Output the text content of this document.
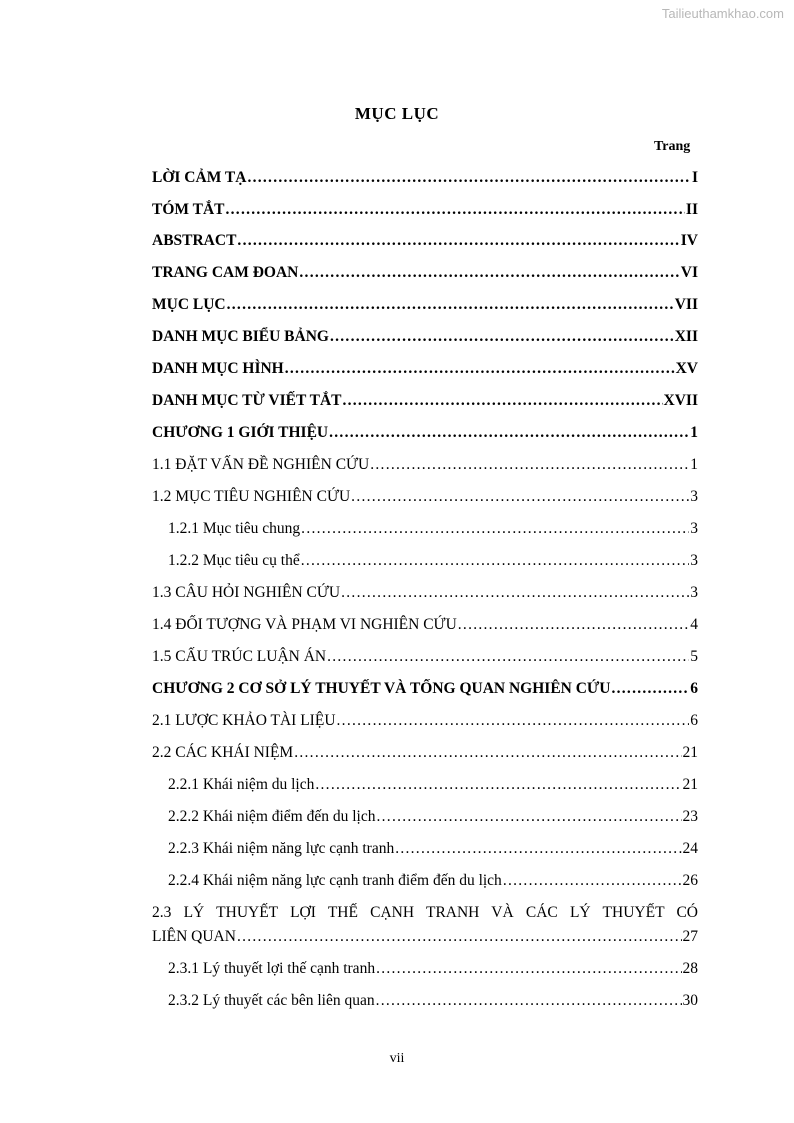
Tailieuthamkhao.com
MỤC LỤC
Trang
LỜI CẢM TẠ . . .	I
TÓM TẮT . . .	II
ABSTRACT . . .	IV
TRANG CAM ĐOAN . . .	VI
MỤC LỤC . . .	VII
DANH MỤC BIỂU BẢNG . . .	XII
DANH MỤC HÌNH . . .	XV
DANH MỤC TỪ VIẾT TẮT . . .	XVII
CHƯƠNG 1 GIỚI THIỆU . . .	1
1.1 ĐẶT VẤN ĐỀ NGHIÊN CỨU . . .	1
1.2 MỤC TIÊU NGHIÊN CỨU . . .	3
1.2.1 Mục tiêu chung . . .	3
1.2.2 Mục tiêu cụ thể . . .	3
1.3 CÂU HỎI NGHIÊN CỨU . . .	3
1.4 ĐỐI TƯỢNG VÀ PHẠM VI NGHIÊN CỨU . . .	4
1.5 CẤU TRÚC LUẬN ÁN . . .	5
CHƯƠNG 2 CƠ SỞ LÝ THUYẾT VÀ TỔNG QUAN NGHIÊN CỨU . . .	6
2.1 LƯỢC KHẢO TÀI LIỆU . . .	6
2.2 CÁC KHÁI NIỆM . . .	21
2.2.1 Khái niệm du lịch . . .	21
2.2.2 Khái niệm điểm đến du lịch . . .	23
2.2.3 Khái niệm năng lực cạnh tranh . . .	24
2.2.4 Khái niệm năng lực cạnh tranh điểm đến du lịch . . .	26
2.3 LÝ THUYẾT LỢI THẾ CẠNH TRANH VÀ CÁC LÝ THUYẾT CÓ
LIÊN QUAN . . .	27
2.3.1 Lý thuyết lợi thế cạnh tranh . . .	28
2.3.2 Lý thuyết các bên liên quan . . .	30
vii
